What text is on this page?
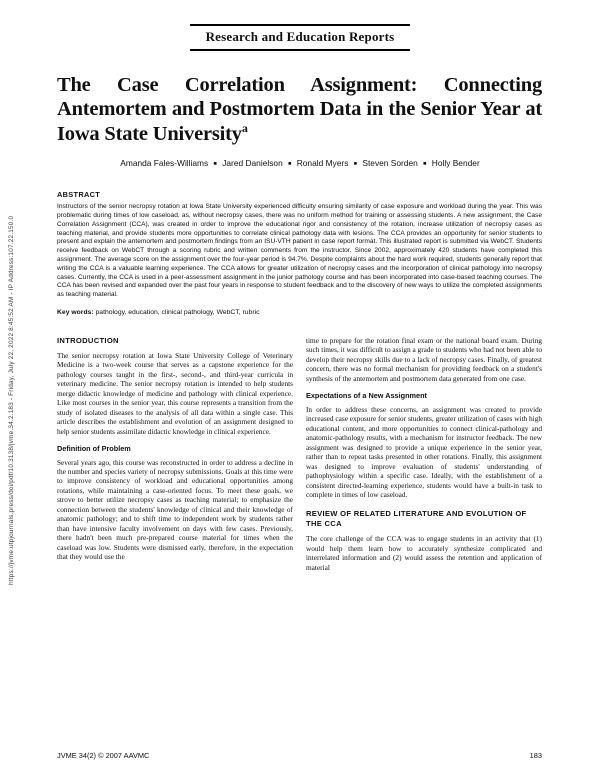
https://jvme.utpjournals.press/doi/pdf/10.3138/jvme.34.2.183 - Friday, July 22, 2022 8:45:52 AM - IP Address:107.22.150.0
Research and Education Reports
The Case Correlation Assignment: Connecting Antemortem and Postmortem Data in the Senior Year at Iowa State University$^a$
Amanda Fales-Williams ■ Jared Danielson ■ Ronald Myers ■ Steven Sorden ■ Holly Bender
ABSTRACT

Instructors of the senior necropsy rotation at Iowa State University experienced difficulty ensuring similarity of case exposure and workload during the year. This was problematic during times of low caseload, as, without necropsy cases, there was no uniform method for training or assessing students. A new assignment, the Case Correlation Assignment (CCA), was created in order to improve the educational rigor and consistency of the rotation, increase utilization of necropsy cases as teaching material, and provide students more opportunities to correlate clinical pathology data with lesions. The CCA provides an opportunity for senior students to present and explain the antemortem and postmortem findings from an ISU-VTH patient in case report format. This illustrated report is submitted via WebCT. Students receive feedback on WebCT through a scoring rubric and written comments from the instructor. Since 2002, approximately 420 students have completed this assignment. The average score on the assignment over the four-year period is 94.7%. Despite complaints about the hard work required, students generally report that writing the CCA is a valuable learning experience. The CCA allows for greater utilization of necropsy cases and the incorporation of clinical pathology into necropsy cases. Currently, the CCA is used in a peer-assessment assignment in the junior pathology course and has been incorporated into case-based teaching courses. The CCA has been revised and expanded over the past four years in response to student feedback and to the discovery of new ways to utilize the completed assignments as teaching material.

Key words: pathology, education, clinical pathology, WebCT, rubric

INTRODUCTION

The senior necropsy rotation at Iowa State University College of Veterinary Medicine is a two-week course that serves as a capstone experience for the pathology courses taught in the first-, second-, and third-year curricula in veterinary medicine. The senior necropsy rotation is intended to help students merge didactic knowledge of medicine and pathology with clinical experience. Like most courses in the senior year, this course represents a transition from the study of isolated diseases to the analysis of all data within a single case. This article describes the establishment and evolution of an assignment designed to help senior students assimilate didactic knowledge in clinical experience.

Definition of Problem

Several years ago, this course was reconstructed in order to address a decline in the number and species variety of necropsy submissions. Goals at this time were to improve consistency of workload and educational opportunities among rotations, while maintaining a case-oriented focus. To meet these goals, we strove to better utilize necropsy cases as teaching material; to emphasize the connection between the students' knowledge of clinical and their knowledge of anatomic pathology; and to shift time to independent work by students rather than have intensive faculty involvement on days with few cases. Previously, there hadn't been much pre-prepared course material for times when the caseload was low. Students were dismissed early, therefore, in the expectation that they would use the

time to prepare for the rotation final exam or the national board exam. During such times, it was difficult to assign a grade to students who had not been able to develop their necropsy skills due to a lack of necropsy cases. Finally, of greatest concern, there was no formal mechanism for providing feedback on a student's synthesis of the antemortem and postmortem data generated from one case.

Expectations of a New Assignment

In order to address these concerns, an assignment was created to provide increased case exposure for senior students, greater utilization of cases with high educational content, and more opportunities to connect clinical-pathology and anatomic-pathology results, with a mechanism for instructor feedback. The new assignment was designed to provide a unique experience in the senior year, rather than to repeat tasks presented in other rotations. Finally, this assignment was designed to improve evaluation of students' understanding of pathophysiology within a specific case. Ideally, with the establishment of a consistent directed-learning experience, students would have a built-in task to complete in times of low caseload.

REVIEW OF RELATED LITERATURE AND EVOLUTION OF THE CCA

The core challenge of the CCA was to engage students in an activity that (1) would help them learn how to accurately synthesize complicated and interrelated information and (2) would assess the retention and application of material

JVME 34(2) © 2007 AAVMC	183
